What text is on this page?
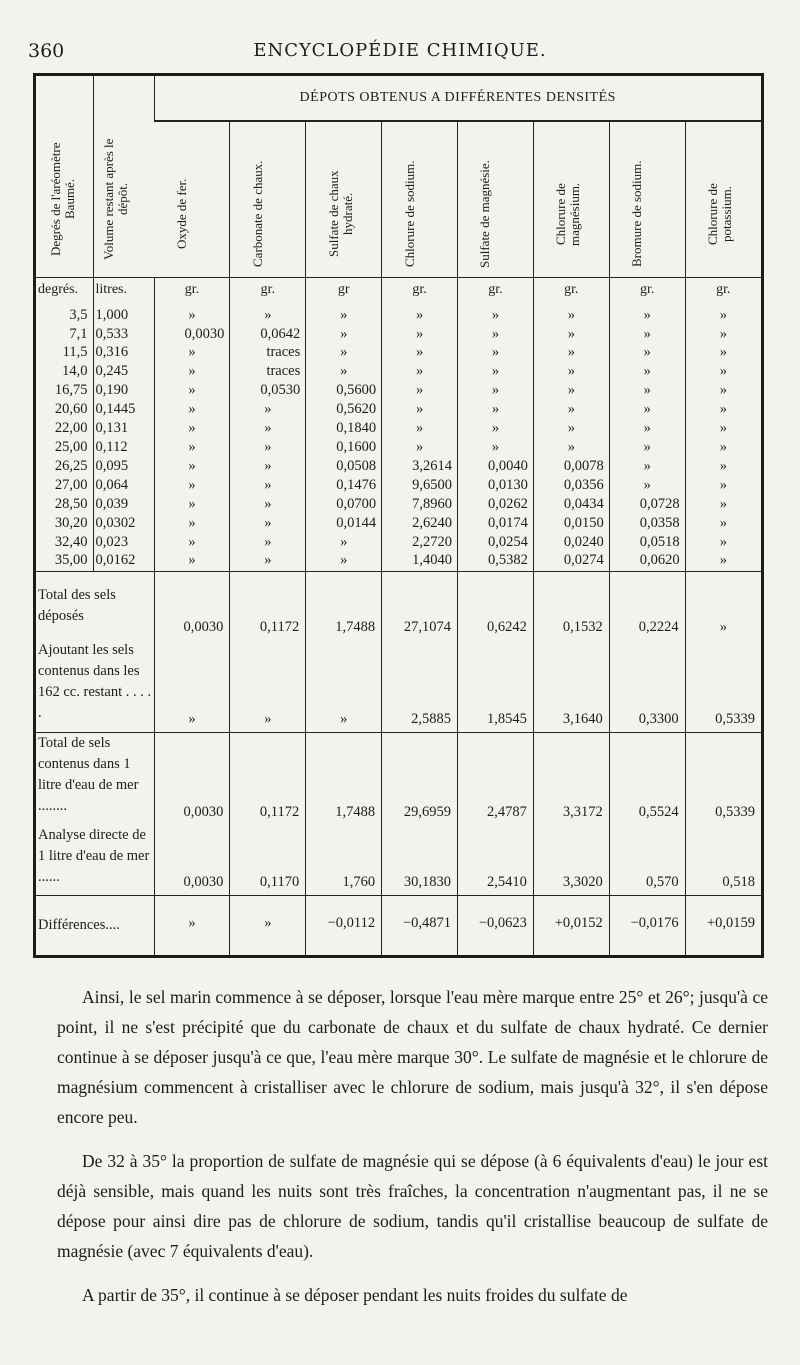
360	ENCYCLOPÉDIE CHIMIQUE.
Degrés de l'aréomètre Baumé.	Volume restant après le dépôt.	DÉPOTS OBTENUS A DIFFÉRENTES DENSITÉS							

		Oxyde de fer.	Carbonate de chaux.	Sulfate de chaux hydraté.	Chlorure de sodium.	Sulfate de magnésie.	Chlorure de magnésium.	Bromure de sodium.	Chlorure de potassium.

degrés.	litres.	gr.	gr.	gr	gr.	gr.	gr.	gr.	gr.
3,5	1,000	»	»	»	»	»	»	»	»
7,1	0,533	0,0030	0,0642	»	»	»	»	»	»
11,5	0,316	»	traces	»	»	»	»	»	»
14,0	0,245	»	traces	»	»	»	»	»	»
16,75	0,190	»	0,0530	0,5600	»	»	»	»	»
20,60	0,1445	»	»	0,5620	»	»	»	»	»
22,00	0,131	»	»	0,1840	»	»	»	»	»
25,00	0,112	»	»	0,1600	»	»	»	»	»
26,25	0,095	»	»	0,0508	3,2614	0,0040	0,0078	»	»
27,00	0,064	»	»	0,1476	9,6500	0,0130	0,0356	»	»
28,50	0,039	»	»	0,0700	7,8960	0,0262	0,0434	0,0728	»
30,20	0,0302	»	»	0,0144	2,6240	0,0174	0,0150	0,0358	»
32,40	0,023	»	»	»	2,2720	0,0254	0,0240	0,0518	»
35,00	0,0162	»	»	»	1,4040	0,5382	0,0274	0,0620	»
Total des sels déposés		0,0030	0,1172	1,7488	27,1074	0,6242	0,1532	0,2224	»
Ajoutant les sels contenus dans les 162 cc. restant . . . . .		»	»	»	2,5885	1,8545	3,1640	0,3300	0,5339
Total de sels contenus dans 1 litre d'eau de mer ........		0,0030	0,1172	1,7488	29,6959	2,4787	3,3172	0,5524	0,5339
Analyse directe de 1 litre d'eau de mer ......		0,0030	0,1170	1,760	30,1830	2,5410	3,3020	0,570	0,518
Différences....		»	»	−0,0112	−0,4871	−0,0623	+0,0152	−0,0176	+0,0159

Ainsi, le sel marin commence à se déposer, lorsque l'eau mère marque entre 25° et 26°; jusqu'à ce point, il ne s'est précipité que du carbonate de chaux et du sulfate de chaux hydraté. Ce dernier continue à se déposer jusqu'à ce que, l'eau mère marque 30°. Le sulfate de magnésie et le chlorure de magnésium commencent à cristalliser avec le chlorure de sodium, mais jusqu'à 32°, il s'en dépose encore peu.

De 32 à 35° la proportion de sulfate de magnésie qui se dépose (à 6 équivalents d'eau) le jour est déjà sensible, mais quand les nuits sont très fraîches, la concentration n'augmentant pas, il ne se dépose pour ainsi dire pas de chlorure de sodium, tandis qu'il cristallise beaucoup de sulfate de magnésie (avec 7 équivalents d'eau).

A partir de 35°, il continue à se déposer pendant les nuits froides du sulfate de
